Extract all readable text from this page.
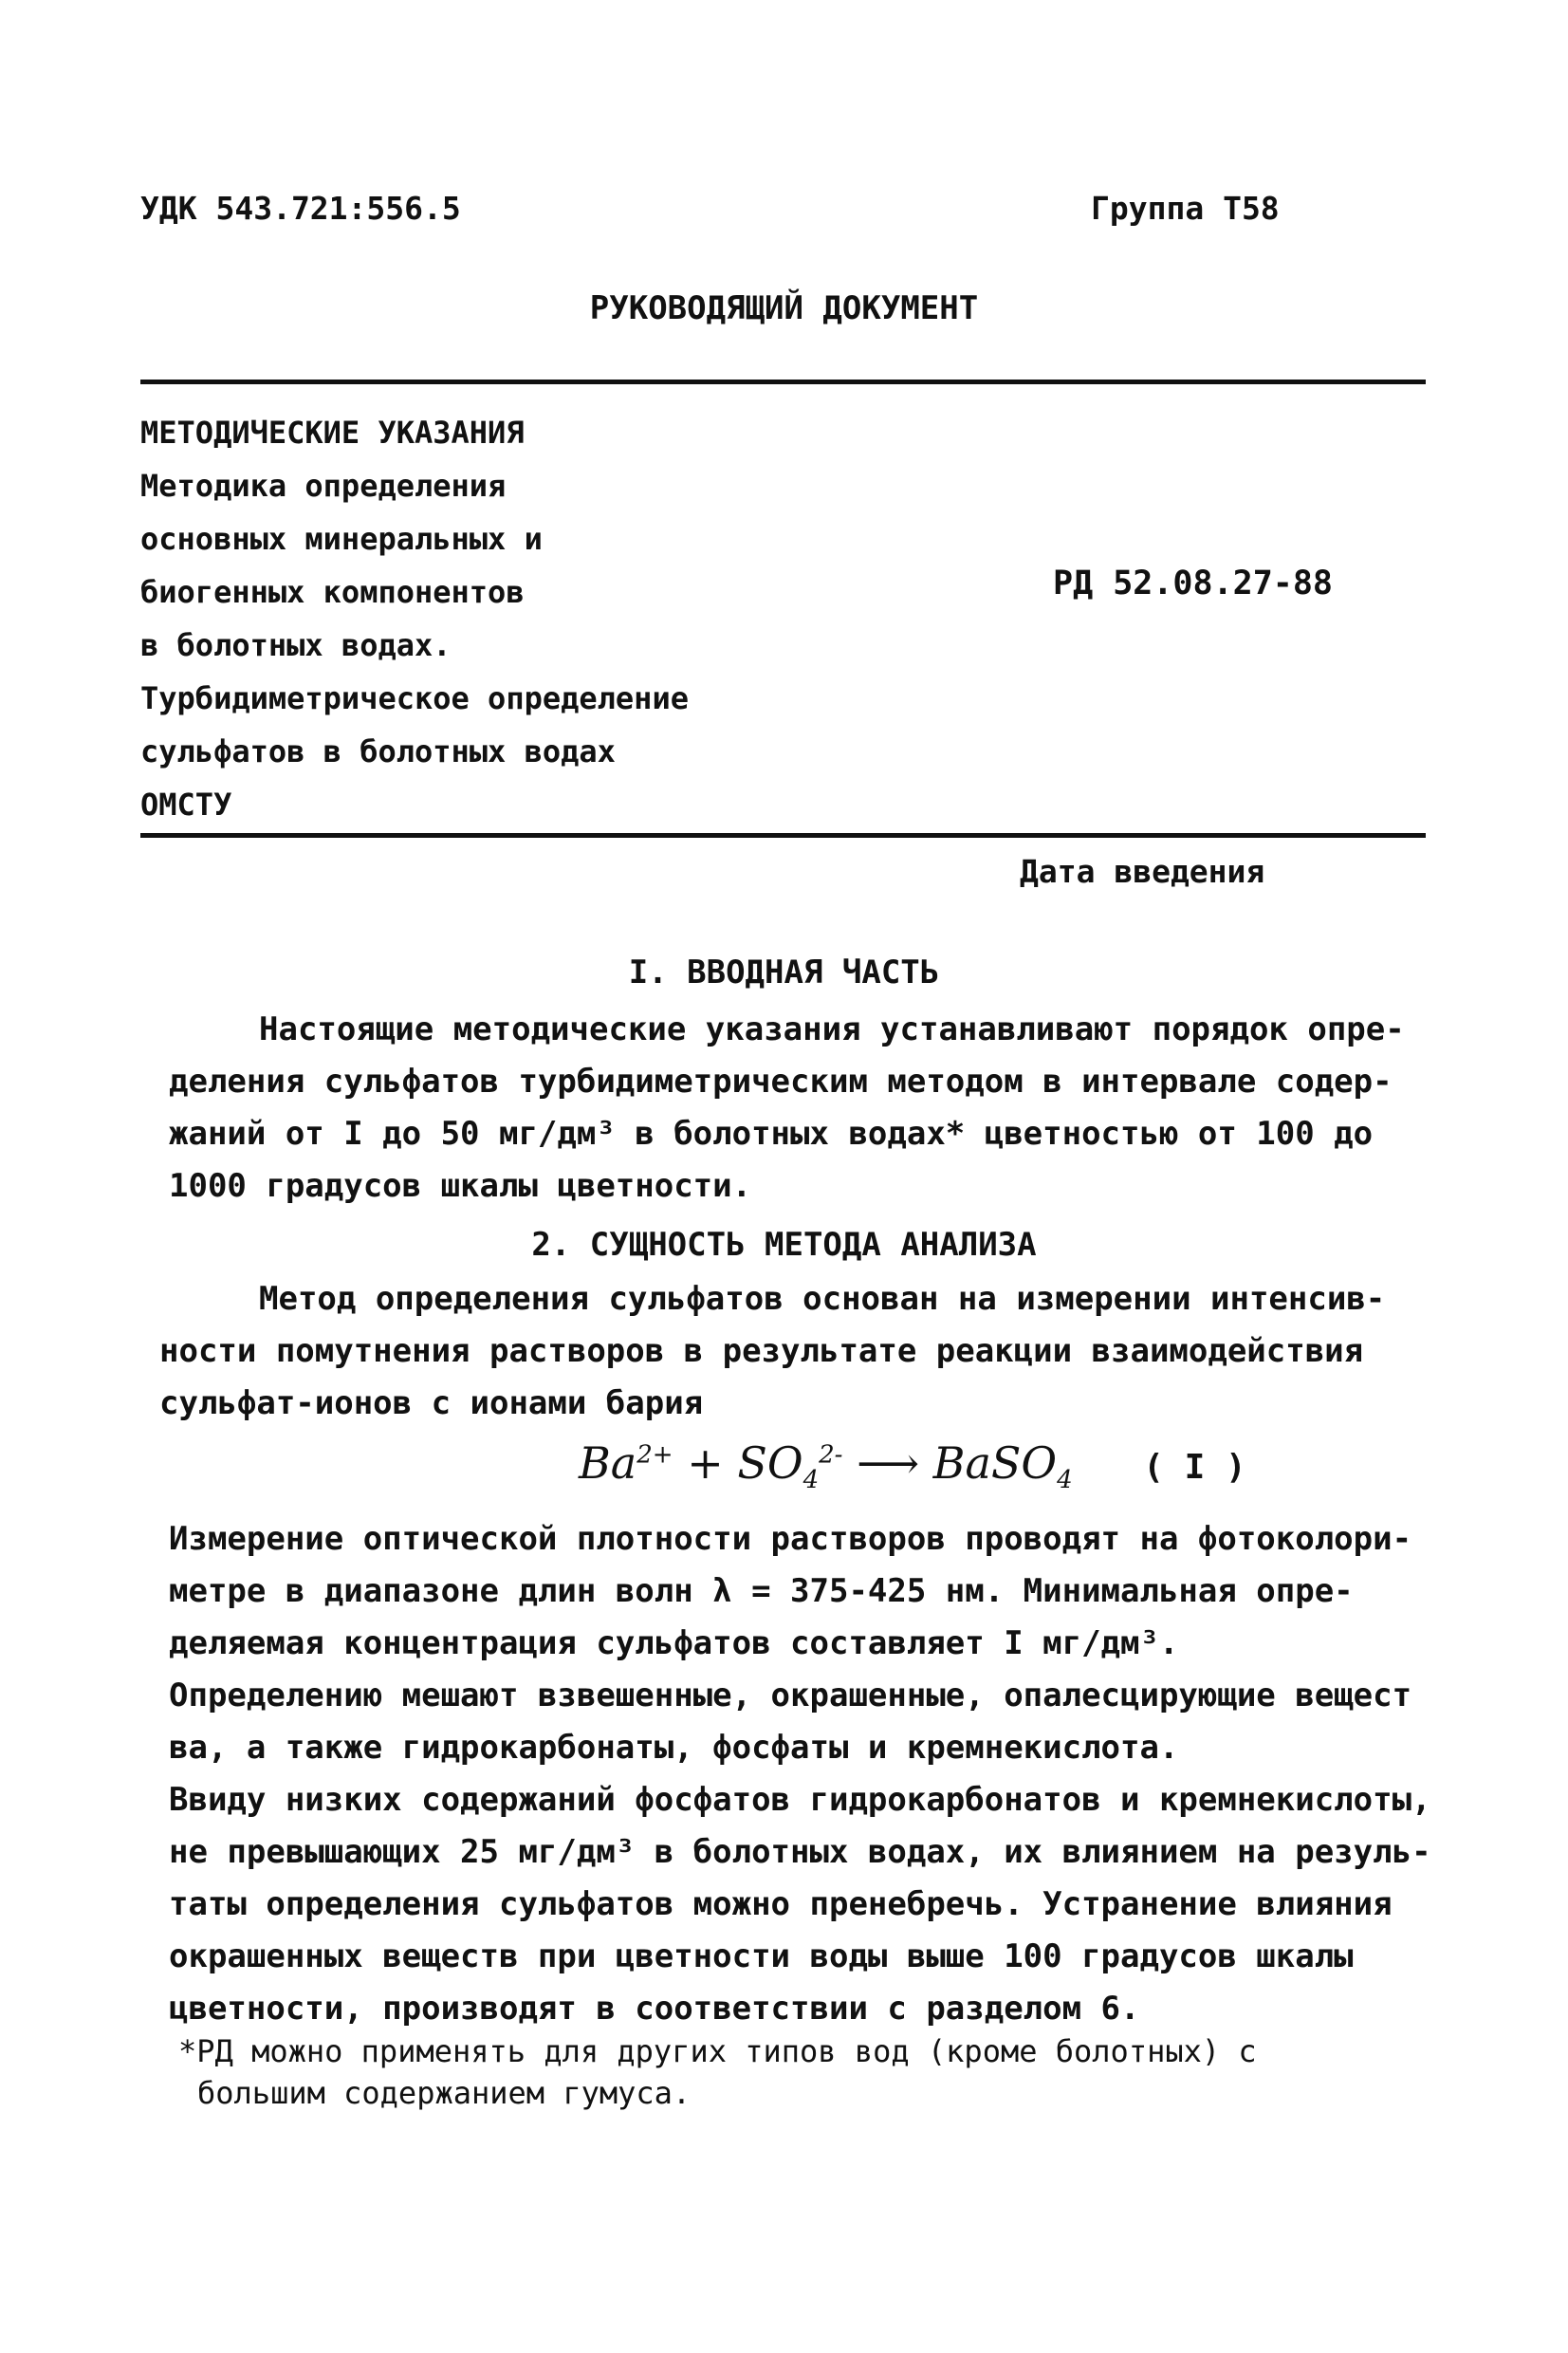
УДК 543.721:556.5	Группа Т58
РУКОВОДЯЩИЙ ДОКУМЕНТ
МЕТОДИЧЕСКИЕ УКАЗАНИЯ
Методика определения
основных минеральных и
биогенных компонентов
в болотных водах.
Турбидиметрическое определение
сульфатов в болотных водах
ОМСТУ
РД 52.08.27-88
Дата введения
I. ВВОДНАЯ ЧАСТЬ
Настоящие методические указания устанавливают порядок опре-
деления сульфатов турбидиметрическим методом в интервале содер-
жаний от I до 50 мг/дм³ в болотных водах* цветностью от 100 до
1000 градусов шкалы цветности.
2. СУЩНОСТЬ МЕТОДА АНАЛИЗА
Метод определения сульфатов основан на измерении интенсив-
ности помутнения растворов в результате реакции взаимодействия
сульфат-ионов с ионами бария
$Ba^{2+} + SO_4^{2-}$ ⟶ BaSO$_4$ ( I )
Измерение оптической плотности растворов проводят на фотоколори-
метре в диапазоне длин волн λ = 375-425 нм. Минимальная опре-
деляемая концентрация сульфатов составляет I мг/дм³.
Определению мешают взвешенные, окрашенные, опалесцирующие вещест
ва, а также гидрокарбонаты, фосфаты и кремнекислота.
Ввиду низких содержаний фосфатов гидрокарбонатов и кремнекислоты,
не превышающих 25 мг/дм³ в болотных водах, их влиянием на резуль-
таты определения сульфатов можно пренебречь. Устранение влияния
окрашенных веществ при цветности воды выше 100 градусов шкалы
цветности, производят в соответствии с разделом 6.
*РД можно применять для других типов вод (кроме болотных) с
большим содержанием гумуса.
